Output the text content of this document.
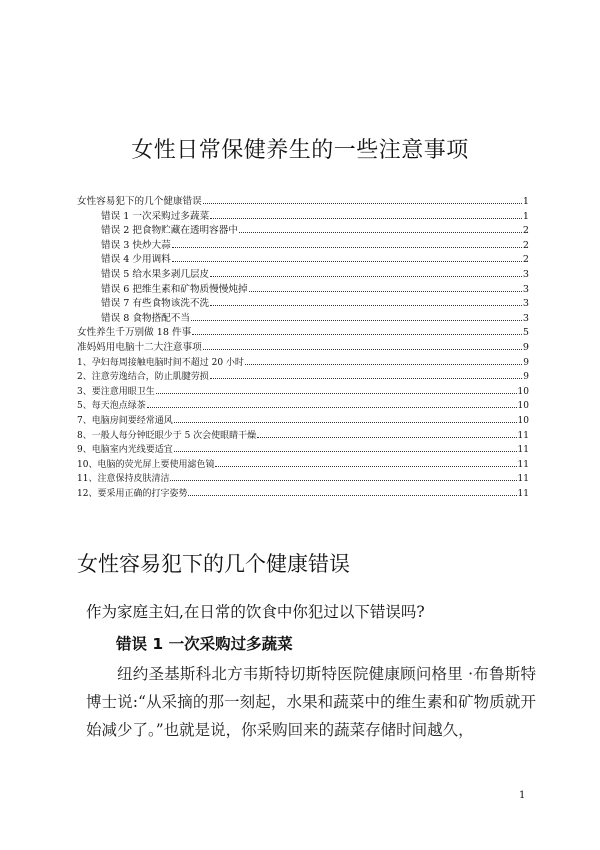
女性日常保健养生的一些注意事项
女性容易犯下的几个健康错误	1
错误 1 一次采购过多蔬菜	1
错误 2 把食物贮藏在透明容器中	2
错误 3 快炒大蒜	2
错误 4 少用调料	2
错误 5 给水果多剥几层皮	3
错误 6 把维生素和矿物质慢慢炖掉	3
错误 7 有些食物该洗不洗	3
错误 8 食物搭配不当	3
女性养生千万别做 18 件事	5
准妈妈用电脑十二大注意事项	9
1、孕妇每周接触电脑时间不超过 20 小时	9
2、注意劳逸结合，防止肌腱劳损	9
3、要注意用眼卫生	10
5、每天泡点绿茶	10
7、电脑房间要经常通风	10
8、一般人每分钟眨眼少于 5 次会使眼睛干燥	11
9、电脑室内光线要适宜	11
10、电脑的荧光屏上要使用滤色镜	11
11、注意保持皮肤清洁	11
12、要采用正确的打字姿势	11
女性容易犯下的几个健康错误
作为家庭主妇,在日常的饮食中你犯过以下错误吗?
错误 1 一次采购过多蔬菜

纽约圣基斯科北方韦斯特切斯特医院健康顾问格里 ·布鲁斯特博士说:“从采摘的那一刻起，水果和蔬菜中的维生素和矿物质就开始减少了。”也就是说，你采购回来的蔬菜存储时间越久，

1
